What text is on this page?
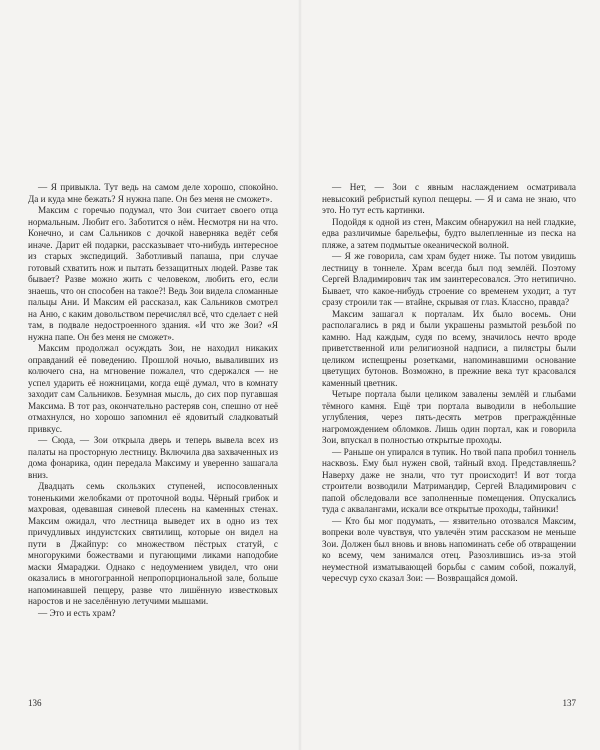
— Я привыкла. Тут ведь на самом деле хорошо, спокойно. Да и куда мне бежать? Я нужна папе. Он без меня не сможет».

Максим с горечью подумал, что Зои считает своего отца нормальным. Любит его. Заботится о нём. Несмотря ни на что. Конечно, и сам Сальников с дочкой наверняка ведёт себя иначе. Дарит ей подарки, рассказывает что-нибудь интересное из старых экспедиций. Заботливый папаша, при случае готовый схватить нож и пытать беззащитных людей. Разве так бывает? Разве можно жить с человеком, любить его, если знаешь, что он способен на такое?! Ведь Зои видела сломанные пальцы Ани. И Максим ей рассказал, как Сальников смотрел на Аню, с каким довольством перечислял всё, что сделает с ней там, в подвале недостроенного здания. «И что же Зои? «Я нужна папе. Он без меня не сможет».

Максим продолжал осуждать Зои, не находил никаких оправданий её поведению. Прошлой ночью, вываливших из колючего сна, на мгновение пожалел, что сдержался — не успел ударить её ножницами, когда ещё думал, что в комнату заходит сам Сальников. Безумная мысль, до сих пор пугавшая Максима. В тот раз, окончательно растеряв сон, спешно от неё отмахнулся, но хорошо запомнил её ядовитый сладковатый привкус.

— Сюда, — Зои открыла дверь и теперь вывела всех из палаты на просторную лестницу. Включила два захваченных из дома фонарика, один передала Максиму и уверенно зашагала вниз.

Двадцать семь скользких ступеней, испосовленных тоненькими желобками от проточной воды. Чёрный грибок и махровая, одевавшая синевой плесень на каменных стенах. Максим ожидал, что лестница выведет их в одно из тех причудливых индуистских святилищ, которые он видел на пути в Джайпур: со множеством пёстрых статуй, с многорукими божествами и пугающими ликами наподобие маски Ямараджи. Однако с недоумением увидел, что они оказались в многогранной непропорциональной зале, больше напоминавшей пещеру, разве что лишённую известковых наростов и не заселённую летучими мышами.

— Это и есть храм?

136

— Нет, — Зои с явным наслаждением осматривала невысокий ребристый купол пещеры. — Я и сама не знаю, что это. Но тут есть картинки.

Подойдя к одной из стен, Максим обнаружил на ней гладкие, едва различимые барельефы, будто вылепленные из песка на пляже, а затем подмытые океанической волной.

— Я же говорила, сам храм будет ниже. Ты потом увидишь лестницу в тоннеле. Храм всегда был под землёй. Поэтому Сергей Владимирович так им заинтересовался. Это нетипично. Бывает, что какое-нибудь строение со временем уходит, а тут сразу строили так — втайне, скрывая от глаз. Классно, правда?

Максим зашагал к порталам. Их было восемь. Они располагались в ряд и были украшены размытой резьбой по камню. Над каждым, судя по всему, значилось нечто вроде приветственной или религиозной надписи, а пилястры были целиком испещрены розетками, напоминавшими основание цветущих бутонов. Возможно, в прежние века тут красовался каменный цветник.

Четыре портала были целиком завалены землёй и глыбами тёмного камня. Ещё три портала выводили в небольшие углубления, через пять-десять метров преграждённые нагромождением обломков. Лишь один портал, как и говорила Зои, впускал в полностью открытые проходы.

— Раньше он упирался в тупик. Но твой папа пробил тоннель насквозь. Ему был нужен свой, тайный вход. Представляешь? Наверху даже не знали, что тут происходит! И вот тогда строители возводили Матримандир, Сергей Владимирович с папой обследовали все заполненные помещения. Опускались туда с аквалангами, искали все открытые проходы, тайники!

— Кто бы мог подумать, — язвительно отозвался Максим, вопреки воле чувствуя, что увлечён этим рассказом не меньше Зои. Должен был вновь и вновь напоминать себе об отвращении ко всему, чем занимался отец. Разозлившись из-за этой неуместной изматывающей борьбы с самим собой, пожалуй, чересчур сухо сказал Зои: — Возвращайся домой.

137
